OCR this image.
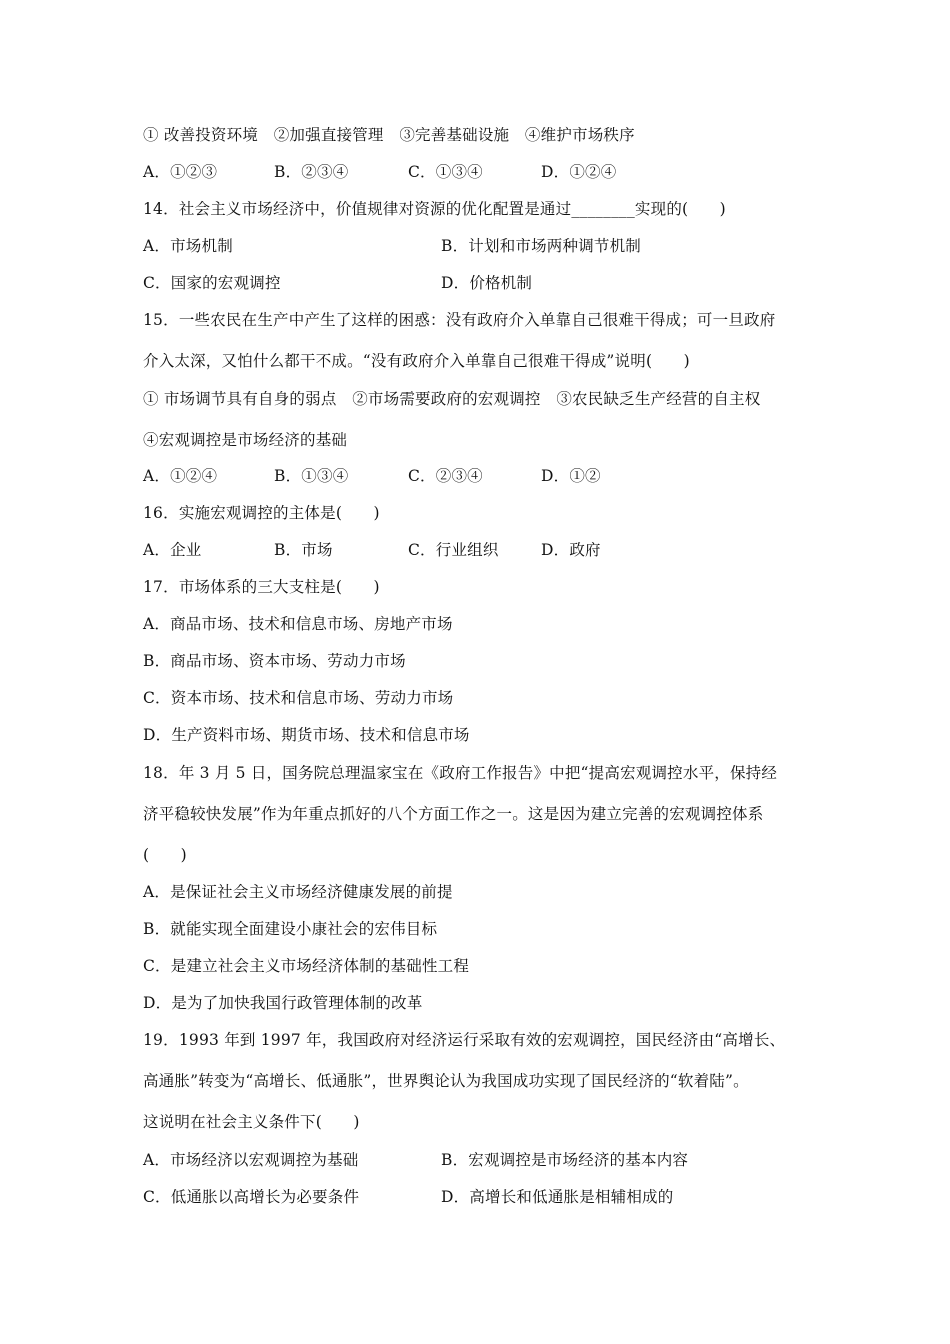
① 改善投资环境　②加强直接管理　③完善基础设施　④维护市场秩序
A．①②③	B．②③④	C．①③④	D．①②④
14．社会主义市场经济中，价值规律对资源的优化配置是通过________实现的(　　)
A．市场机制	B．计划和市场两种调节机制
C．国家的宏观调控	D．价格机制
15．一些农民在生产中产生了这样的困惑：没有政府介入单靠自己很难干得成；可一旦政府
介入太深，又怕什么都干不成。“没有政府介入单靠自己很难干得成”说明(　　)
① 市场调节具有自身的弱点　②市场需要政府的宏观调控　③农民缺乏生产经营的自主权
④宏观调控是市场经济的基础
A．①②④	B．①③④	C．②③④	D．①②
16．实施宏观调控的主体是(　　)
A．企业	B．市场	C．行业组织	D．政府
17．市场体系的三大支柱是(　　)
A．商品市场、技术和信息市场、房地产市场
B．商品市场、资本市场、劳动力市场
C．资本市场、技术和信息市场、劳动力市场
D．生产资料市场、期货市场、技术和信息市场
18．年 3 月 5 日，国务院总理温家宝在《政府工作报告》中把“提高宏观调控水平，保持经
济平稳较快发展”作为年重点抓好的八个方面工作之一。这是因为建立完善的宏观调控体系
(　　)
A．是保证社会主义市场经济健康发展的前提
B．就能实现全面建设小康社会的宏伟目标
C．是建立社会主义市场经济体制的基础性工程
D．是为了加快我国行政管理体制的改革
19．1993 年到 1997 年，我国政府对经济运行采取有效的宏观调控，国民经济由“高增长、
高通胀”转变为“高增长、低通胀”，世界舆论认为我国成功实现了国民经济的“软着陆”。
这说明在社会主义条件下(　　)
A．市场经济以宏观调控为基础	B．宏观调控是市场经济的基本内容
C．低通胀以高增长为必要条件	D．高增长和低通胀是相辅相成的
